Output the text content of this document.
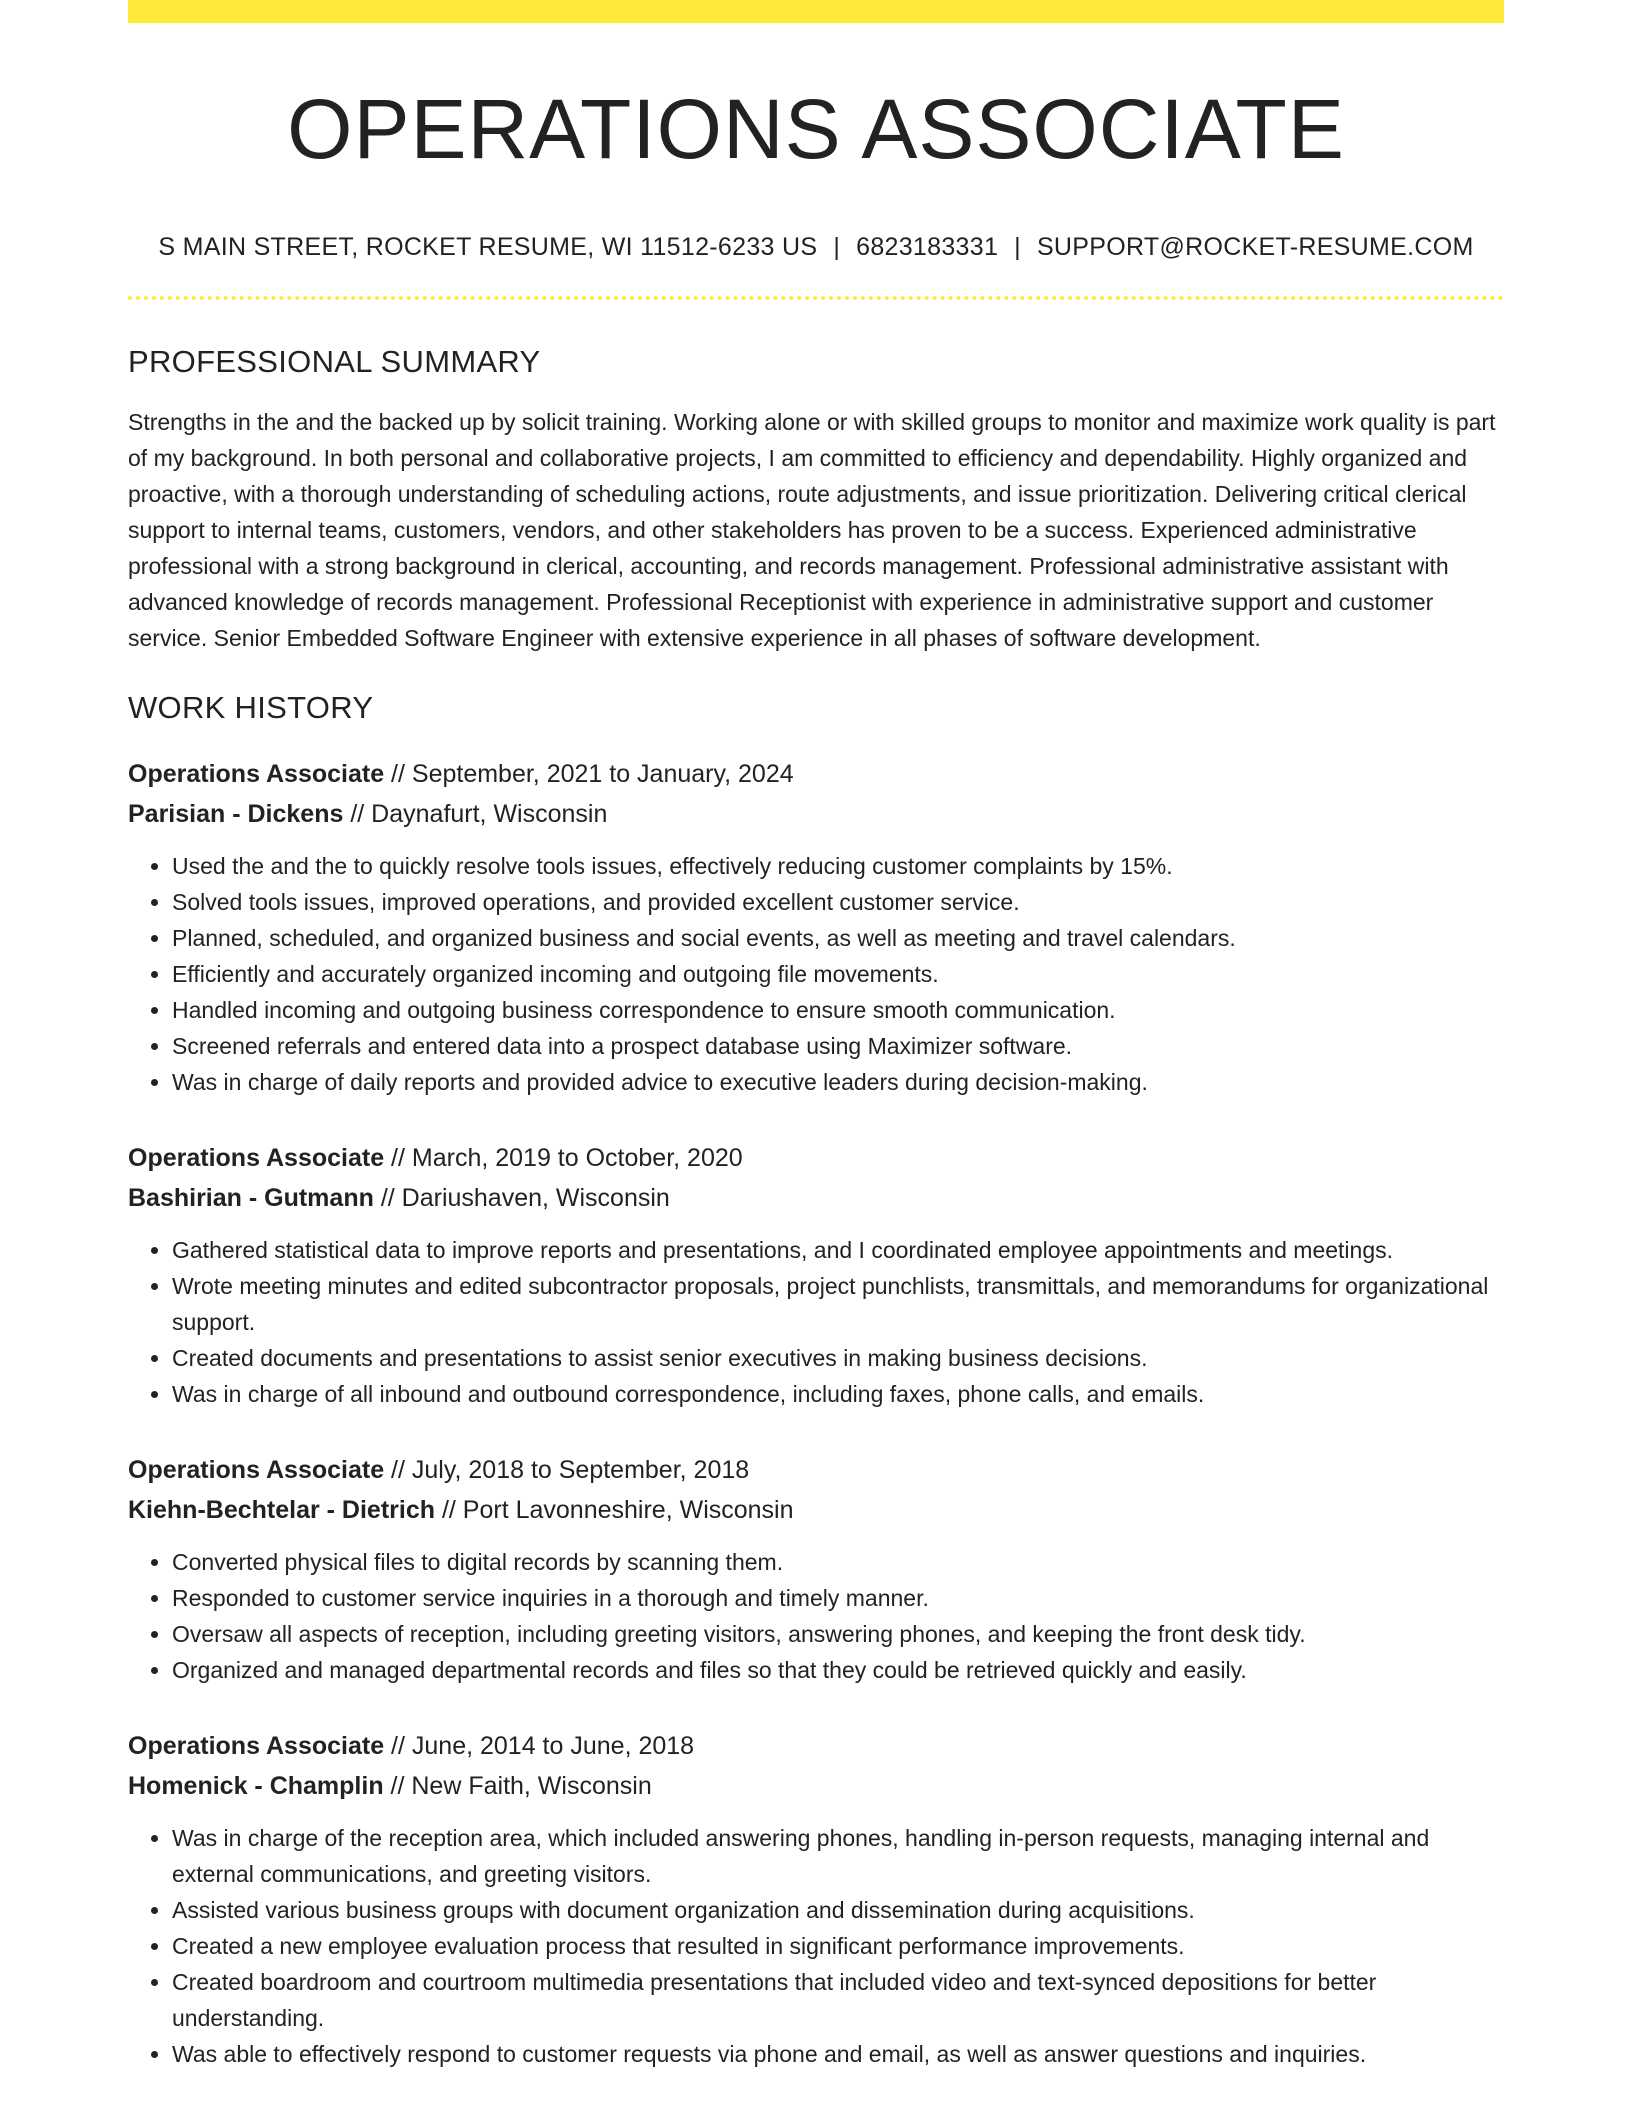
OPERATIONS ASSOCIATE
S MAIN STREET, ROCKET RESUME, WI 11512-6233 US | 6823183331 | SUPPORT@ROCKET-RESUME.COM
PROFESSIONAL SUMMARY

Strengths in the and the backed up by solicit training. Working alone or with skilled groups to monitor and maximize work quality is part of my background. In both personal and collaborative projects, I am committed to efficiency and dependability. Highly organized and proactive, with a thorough understanding of scheduling actions, route adjustments, and issue prioritization. Delivering critical clerical support to internal teams, customers, vendors, and other stakeholders has proven to be a success. Experienced administrative professional with a strong background in clerical, accounting, and records management. Professional administrative assistant with advanced knowledge of records management. Professional Receptionist with experience in administrative support and customer service. Senior Embedded Software Engineer with extensive experience in all phases of software development.

WORK HISTORY
Operations Associate // September, 2021 to January, 2024
Parisian - Dickens // Daynafurt, Wisconsin
• Used the and the to quickly resolve tools issues, effectively reducing customer complaints by 15%.
• Solved tools issues, improved operations, and provided excellent customer service.
• Planned, scheduled, and organized business and social events, as well as meeting and travel calendars.
• Efficiently and accurately organized incoming and outgoing file movements.
• Handled incoming and outgoing business correspondence to ensure smooth communication.
• Screened referrals and entered data into a prospect database using Maximizer software.
• Was in charge of daily reports and provided advice to executive leaders during decision-making.
Operations Associate // March, 2019 to October, 2020
Bashirian - Gutmann // Dariushaven, Wisconsin
• Gathered statistical data to improve reports and presentations, and I coordinated employee appointments and meetings.
• Wrote meeting minutes and edited subcontractor proposals, project punchlists, transmittals, and memorandums for organizational support.
• Created documents and presentations to assist senior executives in making business decisions.
• Was in charge of all inbound and outbound correspondence, including faxes, phone calls, and emails.
Operations Associate // July, 2018 to September, 2018
Kiehn-Bechtelar - Dietrich // Port Lavonneshire, Wisconsin
• Converted physical files to digital records by scanning them.
• Responded to customer service inquiries in a thorough and timely manner.
• Oversaw all aspects of reception, including greeting visitors, answering phones, and keeping the front desk tidy.
• Organized and managed departmental records and files so that they could be retrieved quickly and easily.
Operations Associate // June, 2014 to June, 2018
Homenick - Champlin // New Faith, Wisconsin
• Was in charge of the reception area, which included answering phones, handling in-person requests, managing internal and external communications, and greeting visitors.
• Assisted various business groups with document organization and dissemination during acquisitions.
• Created a new employee evaluation process that resulted in significant performance improvements.
• Created boardroom and courtroom multimedia presentations that included video and text-synced depositions for better understanding.
• Was able to effectively respond to customer requests via phone and email, as well as answer questions and inquiries.
